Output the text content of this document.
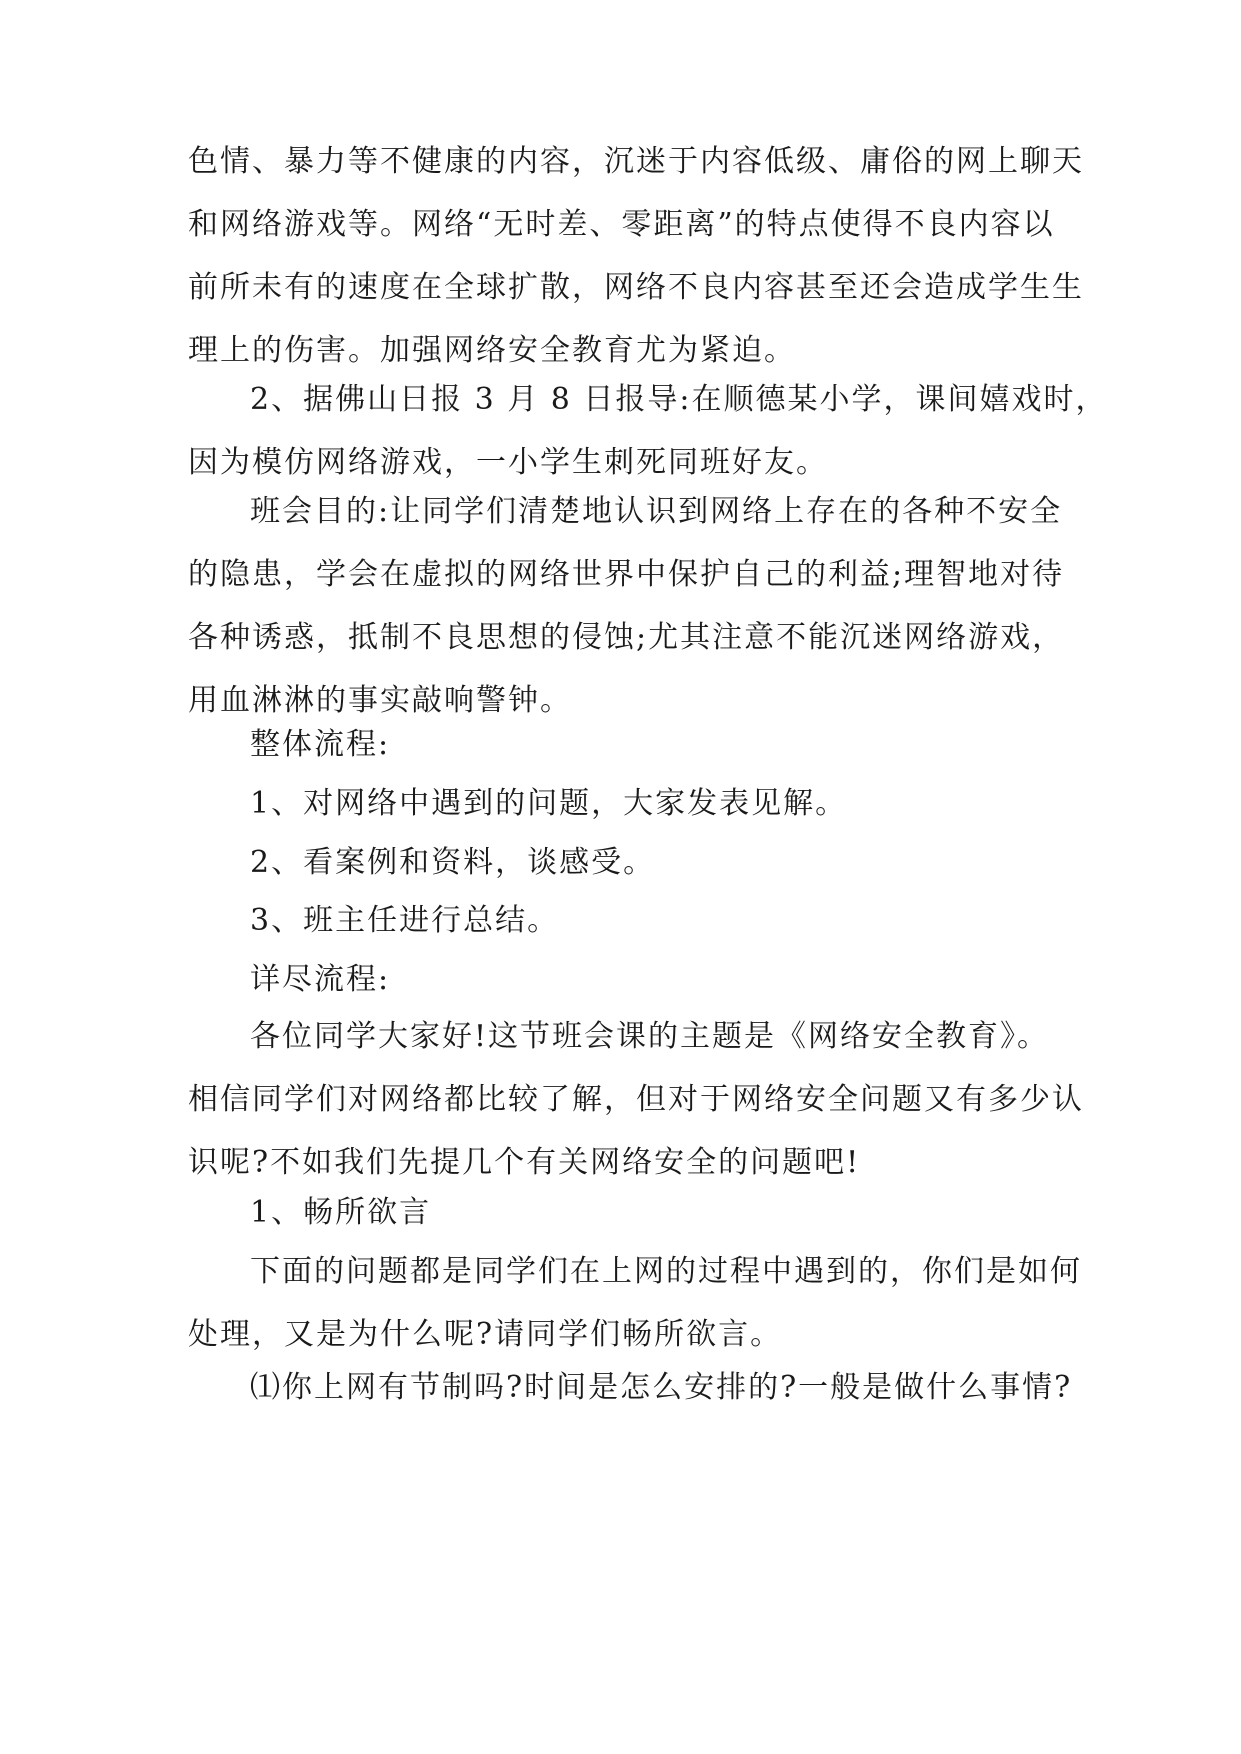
色情、暴力等不健康的内容，沉迷于内容低级、庸俗的网上聊天
和网络游戏等。网络“无时差、零距离”的特点使得不良内容以
前所未有的速度在全球扩散，网络不良内容甚至还会造成学生生
理上的伤害。加强网络安全教育尤为紧迫。
2、据佛山日报 3 月 8 日报导:在顺德某小学，课间嬉戏时，
因为模仿网络游戏，一小学生刺死同班好友。
班会目的:让同学们清楚地认识到网络上存在的各种不安全
的隐患，学会在虚拟的网络世界中保护自己的利益;理智地对待
各种诱惑，抵制不良思想的侵蚀;尤其注意不能沉迷网络游戏，
用血淋淋的事实敲响警钟。
整体流程:
1、对网络中遇到的问题，大家发表见解。
2、看案例和资料，谈感受。
3、班主任进行总结。
详尽流程:
各位同学大家好!这节班会课的主题是《网络安全教育》。
相信同学们对网络都比较了解，但对于网络安全问题又有多少认
识呢?不如我们先提几个有关网络安全的问题吧!
1、畅所欲言
下面的问题都是同学们在上网的过程中遇到的，你们是如何
处理，又是为什么呢?请同学们畅所欲言。
⑴你上网有节制吗?时间是怎么安排的?一般是做什么事情?
